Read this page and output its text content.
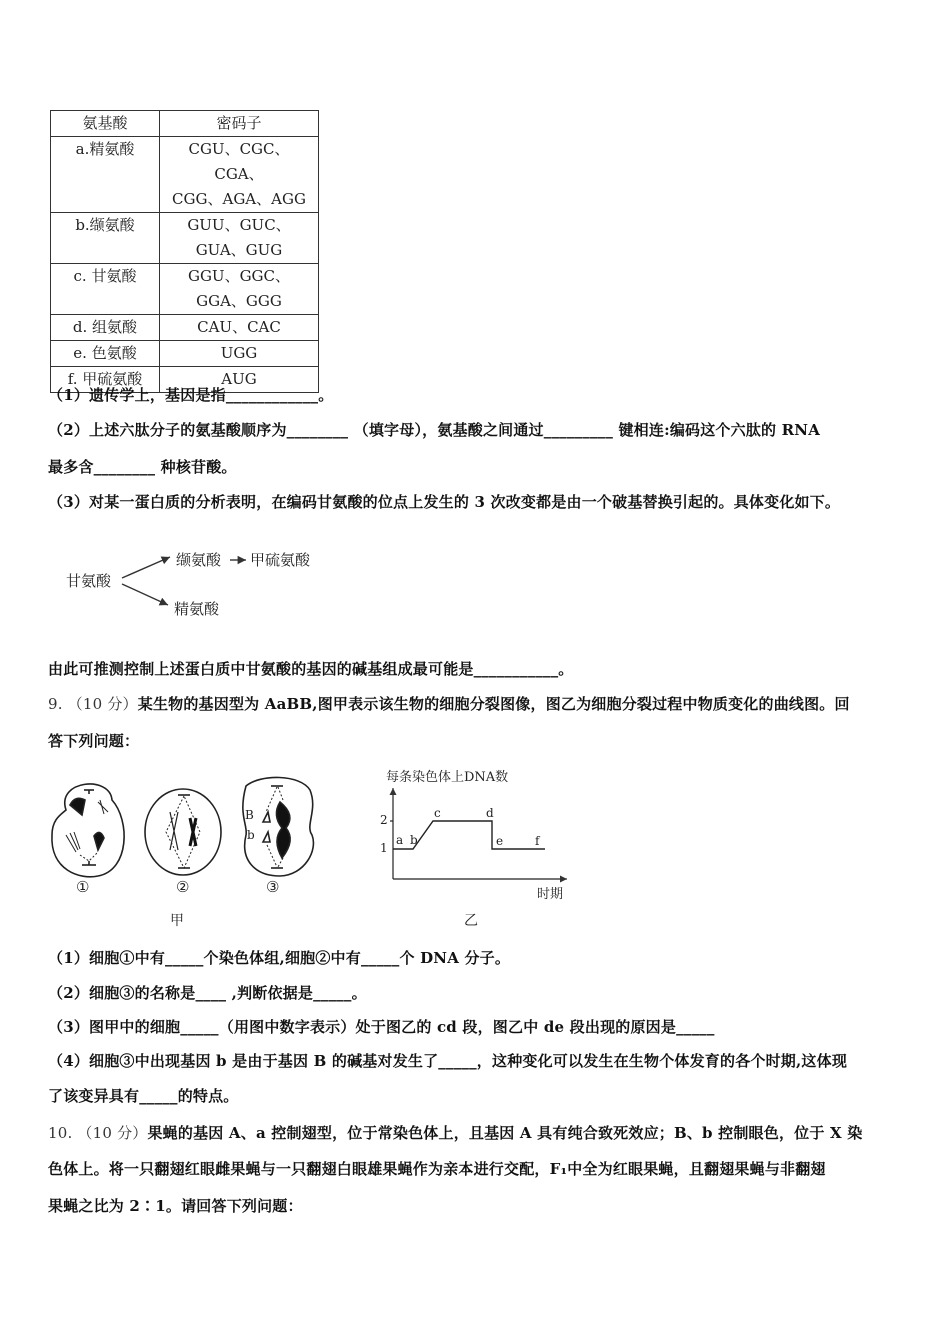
氨基酸	密码子
a.精氨酸	CGU、CGC、CGA、
CGG、AGA、AGG

b.缬氨酸	GUU、GUC、
GUA、GUG

c. 甘氨酸	GGU、GGC、
GGA、GGG

d. 组氨酸	CAU、CAC
e. 色氨酸	UGG
f. 甲硫氨酸	AUG
（1）遗传学上，基因是指____________。
（2）上述六肽分子的氨基酸顺序为________ （填字母），氨基酸之间通过_________ 键相连:编码这个六肽的 RNA
最多含________ 种核苷酸。
（3）对某一蛋白质的分析表明，在编码甘氨酸的位点上发生的 3 次改变都是由一个破基替换引起的。具体变化如下。
甘氨酸
缬氨酸 甲硫氨酸
精氨酸
由此可推测控制上述蛋白质中甘氨酸的基因的碱基组成最可能是___________。
9. （10 分）某生物的基因型为 AaBB,图甲表示该生物的细胞分裂图像，图乙为细胞分裂过程中物质变化的曲线图。回
答下列问题：
①	②	③
甲
B
b
每条染色体上DNA数
时期
1
2
a b
c	d
e	f
乙
（1）细胞①中有_____个染色体组,细胞②中有_____个 DNA 分子。
（2）细胞③的名称是____ ,判断依据是_____。
（3）图甲中的细胞_____（用图中数字表示）处于图乙的 cd 段，图乙中 de 段出现的原因是_____
（4）细胞③中出现基因 b 是由于基因 B 的碱基对发生了_____，这种变化可以发生在生物个体发育的各个时期,这体现
了该变异具有_____的特点。
10. （10 分）果蝇的基因 A、a 控制翅型，位于常染色体上，且基因 A 具有纯合致死效应；B、b 控制眼色，位于 X 染
色体上。将一只翻翅红眼雌果蝇与一只翻翅白眼雄果蝇作为亲本进行交配，F₁中全为红眼果蝇，且翻翅果蝇与非翻翅
果蝇之比为 2∶1。请回答下列问题：
